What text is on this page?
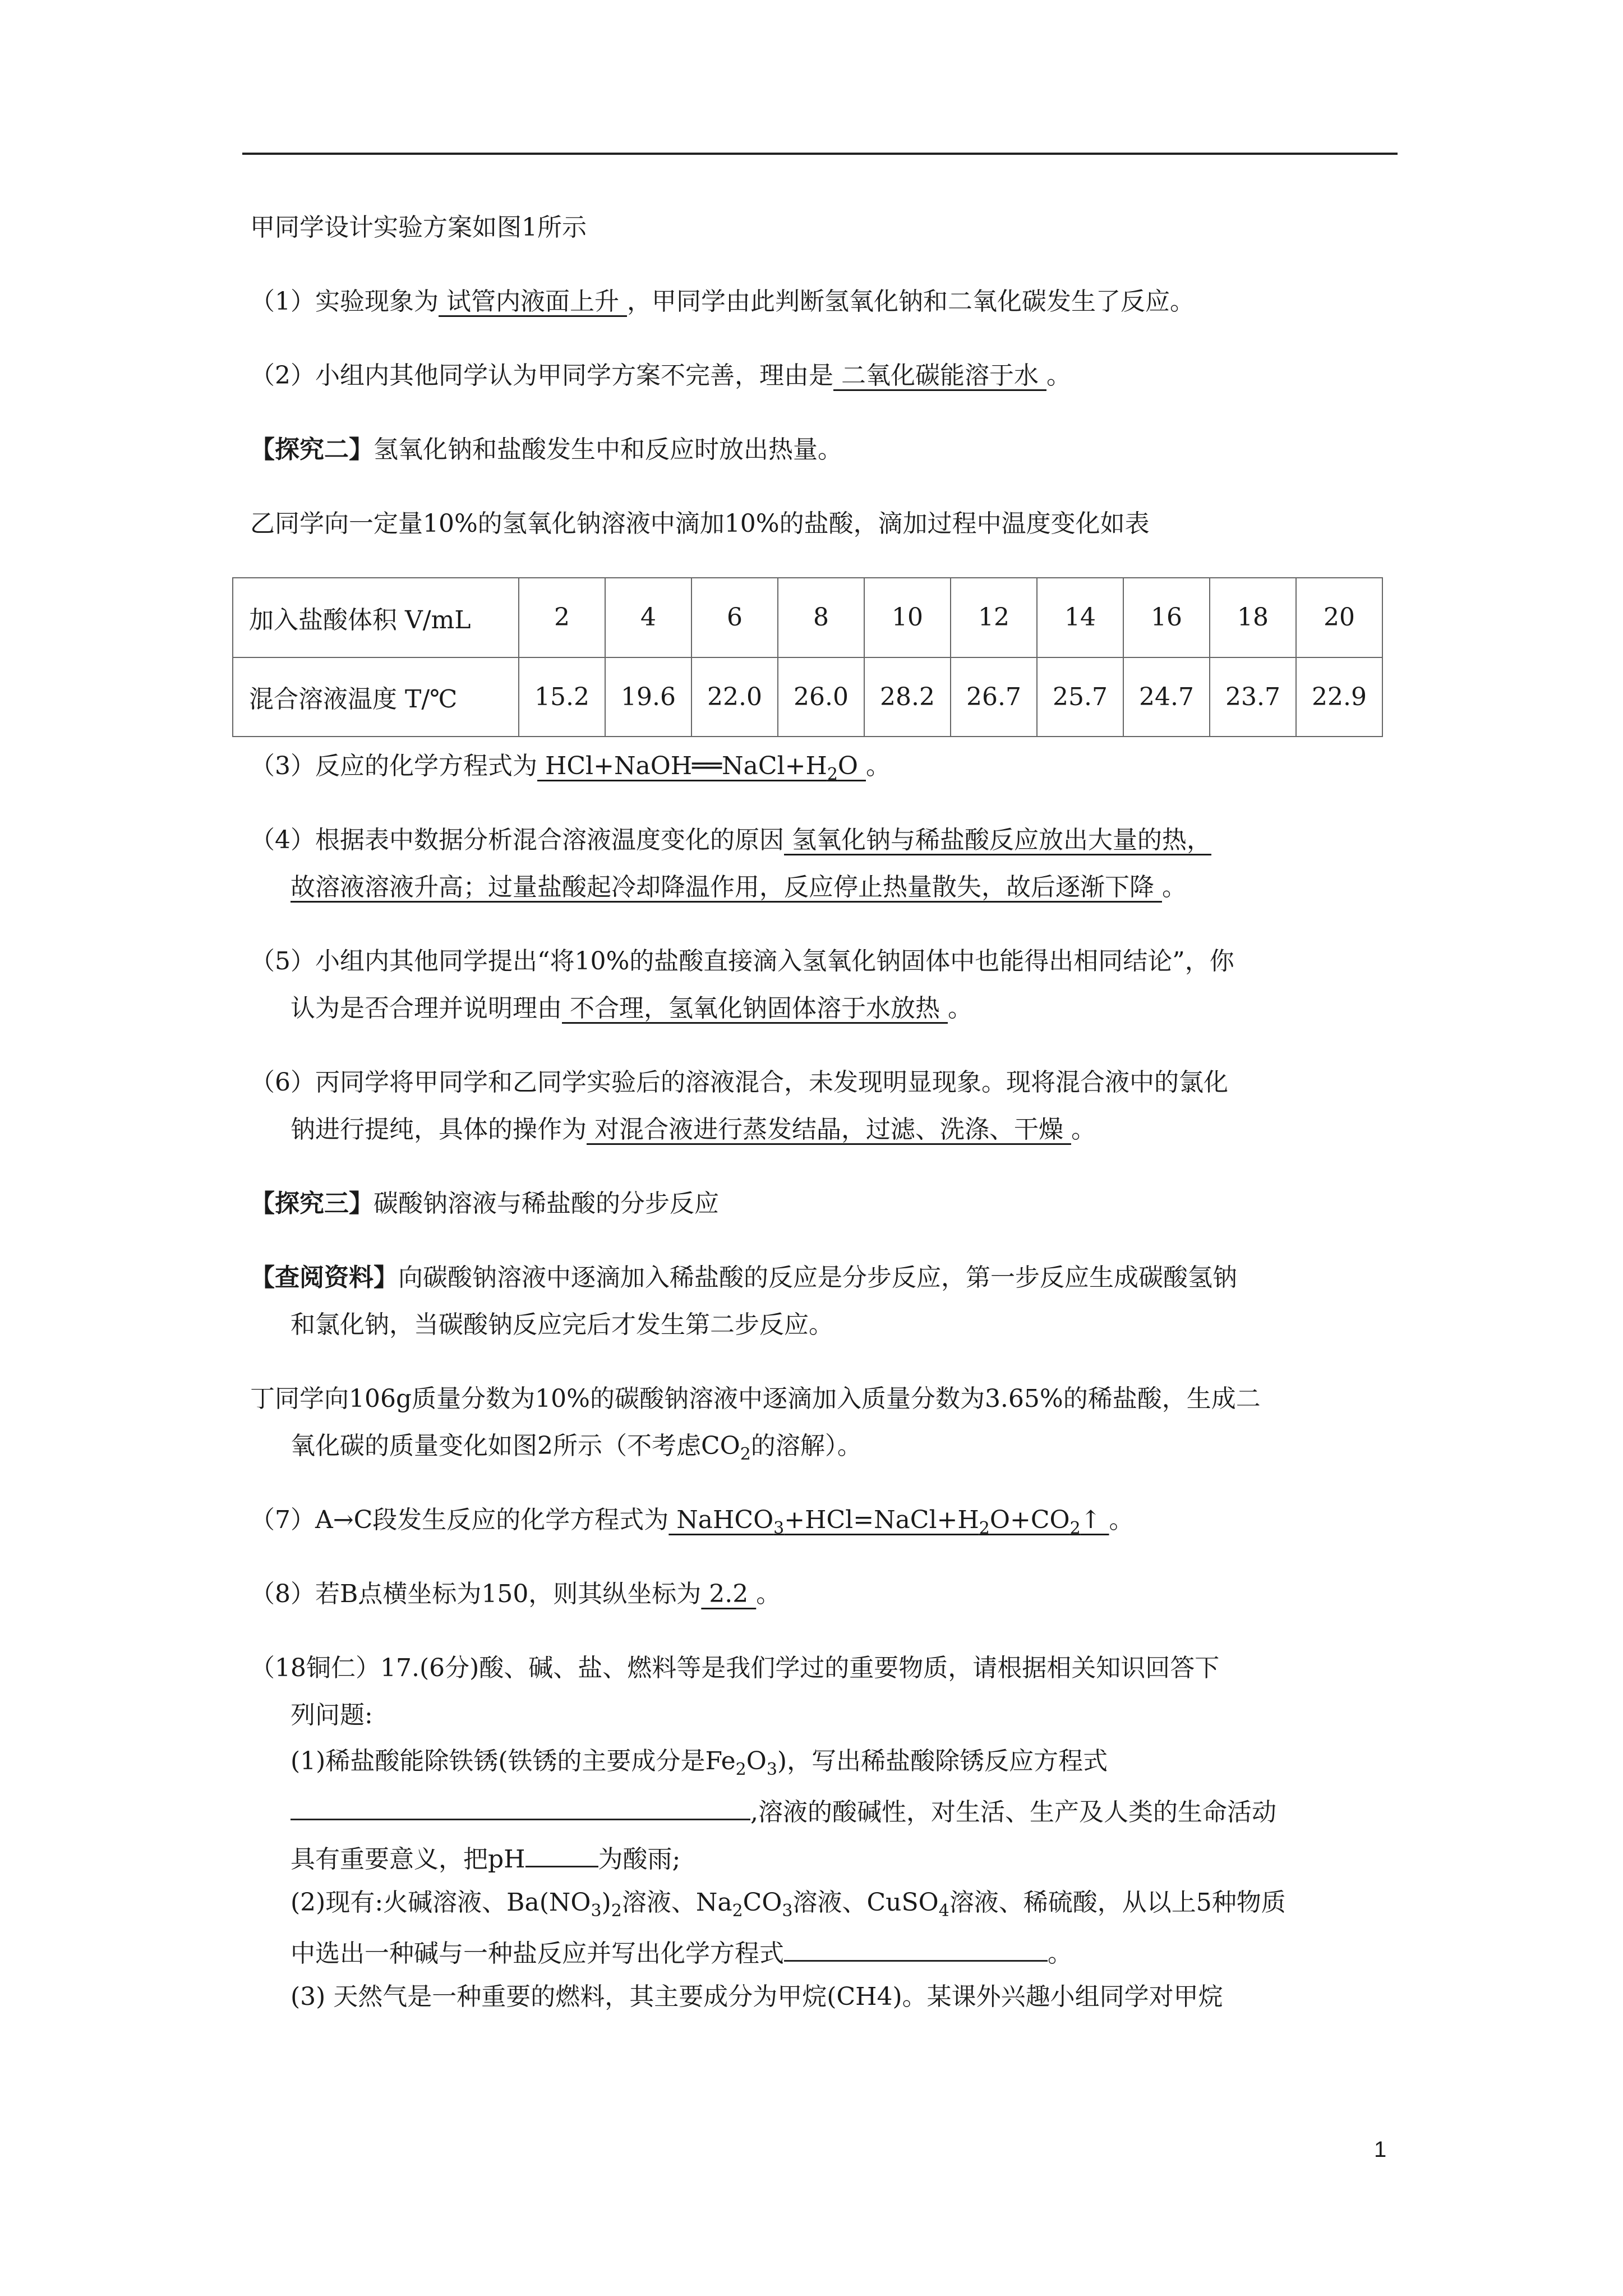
甲同学设计实验方案如图1所示
（1）实验现象为 试管内液面上升 ，甲同学由此判断氢氧化钠和二氧化碳发生了反应。
（2）小组内其他同学认为甲同学方案不完善，理由是 二氧化碳能溶于水 。
【探究二】氢氧化钠和盐酸发生中和反应时放出热量。
乙同学向一定量10%的氢氧化钠溶液中滴加10%的盐酸，滴加过程中温度变化如表
加入盐酸体积 V/mL	2	4	6	8	10	12	14	16	18	20
混合溶液温度 T/℃	15.2	19.6	22.0	26.0	28.2	26.7	25.7	24.7	23.7	22.9
（3）反应的化学方程式为 $HCl+NaOH══NaCl+H_2O$ 。
（4）根据表中数据分析混合溶液温度变化的原因 氢氧化钠与稀盐酸反应放出大量的热，
故溶液溶液升高；过量盐酸起冷却降温作用，反应停止热量散失，故后逐渐下降 。
（5）小组内其他同学提出“将10%的盐酸直接滴入氢氧化钠固体中也能得出相同结论”，你
认为是否合理并说明理由 不合理，氢氧化钠固体溶于水放热 。
（6）丙同学将甲同学和乙同学实验后的溶液混合，未发现明显现象。现将混合液中的氯化
钠进行提纯，具体的操作为 对混合液进行蒸发结晶，过滤、洗涤、干燥 。
【探究三】碳酸钠溶液与稀盐酸的分步反应
【查阅资料】向碳酸钠溶液中逐滴加入稀盐酸的反应是分步反应，第一步反应生成碳酸氢钠
和氯化钠，当碳酸钠反应完后才发生第二步反应。
丁同学向106g质量分数为10%的碳酸钠溶液中逐滴加入质量分数为3.65%的稀盐酸，生成二
氧化碳的质量变化如图2所示（不考虑$CO_2$的溶解）。
（7）A→C段发生反应的化学方程式为 $NaHCO_3+HCl=NaCl+H_2O+CO_2↑$ 。
（8）若B点横坐标为150，则其纵坐标为 2.2 。
（18铜仁）17.(6分)酸、碱、盐、燃料等是我们学过的重要物质，请根据相关知识回答下
列问题:
(1)稀盐酸能除铁锈(铁锈的主要成分是$Fe_2O_3$)，写出稀盐酸除锈反应方程式
,溶液的酸碱性，对生活、生产及人类的生命活动
具有重要意义，把pH	为酸雨;
(2)现有:火碱溶液、$Ba(NO_3)_2$溶液、$Na_2CO_3$溶液、CuSO$_4$溶液、稀硫酸，从以上5种物质
中选出一种碱与一种盐反应并写出化学方程式	。
(3) 天然气是一种重要的燃料，其主要成分为甲烷(CH4)。某课外兴趣小组同学对甲烷
1
